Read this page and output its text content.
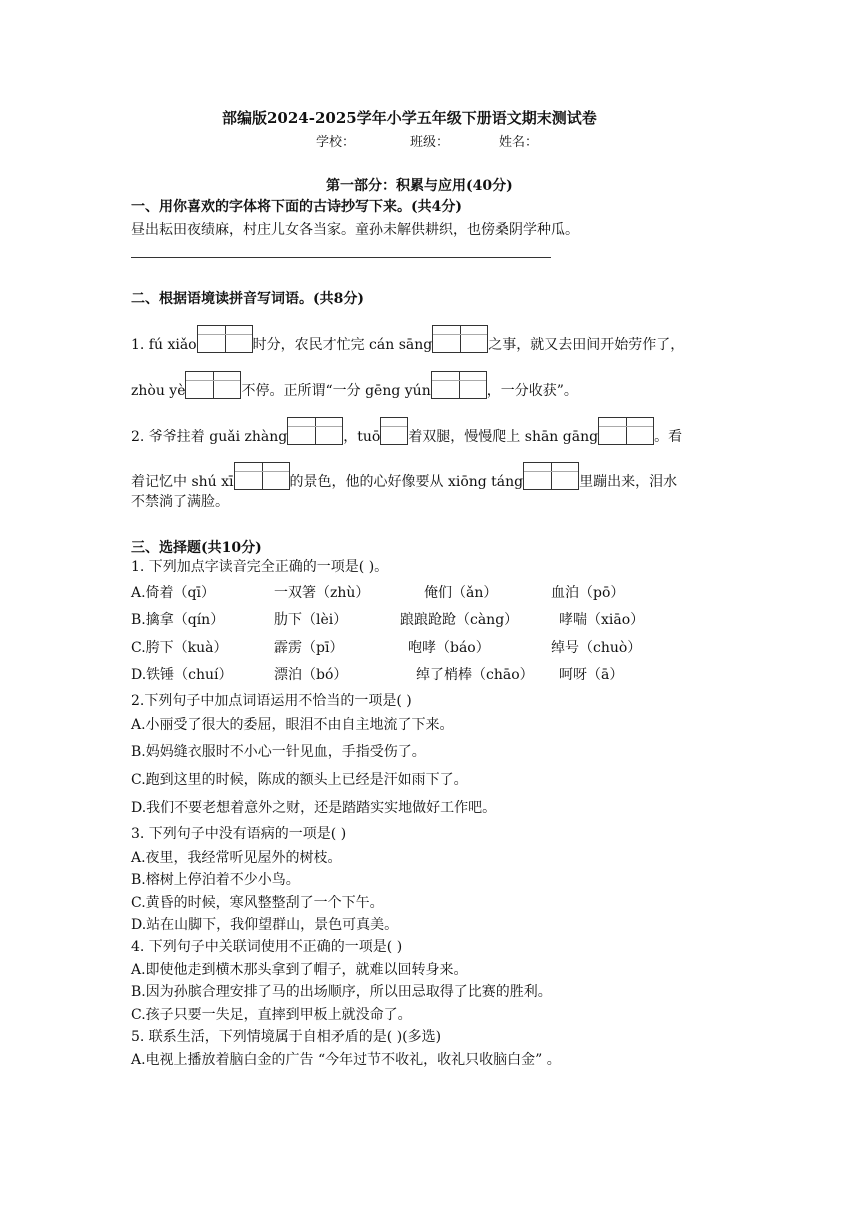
部编版2024-2025学年小学五年级下册语文期末测试卷
学校：	班级：	姓名：
第一部分：积累与应用(40分)
一、用你喜欢的字体将下面的古诗抄写下来。(共4分)
昼出耘田夜绩麻，村庄儿女各当家。童孙未解供耕织，也傍桑阴学种瓜。
二、根据语境读拼音写词语。(共8分)
1. fú xiǎo	时分，农民才忙完 cán sāng	之事，就又去田间开始劳作了，
zhòu yè	不停。正所谓“一分 gēng yún	，一分收获”。
2. 爷爷拄着 guǎi zhàng	，tuō 着双腿，慢慢爬上 shān gāng	。看
着记忆中 shú xī	的景色，他的心好像要从 xiōng táng	里蹦出来，泪水
不禁淌了满脸。
三、选择题(共10分)
1. 下列加点字读音完全正确的一项是( )。
A.倚着（qī）	一双箸（zhù）	俺们（ǎn）	血泊（pō）
B.擒拿（qín）	肋下（lèi）	踉踉跄跄（càng）	哮喘（xiāo）
C.胯下（kuà）	霹雳（pī）	咆哮（báo）	绰号（chuò）
D.铁锤（chuí）	漂泊（bó）	绰了梢棒（chāo） 呵呀（ā）
2.下列句子中加点词语运用不恰当的一项是( )
A.小丽受了很大的委屈，眼泪不由自主地流了下来。
B.妈妈缝衣服时不小心一针见血，手指受伤了。
C.跑到这里的时候，陈成的额头上已经是汗如雨下了。
D.我们不要老想着意外之财，还是踏踏实实地做好工作吧。
3. 下列句子中没有语病的一项是( )
A.夜里，我经常听见屋外的树枝。
B.榕树上停泊着不少小鸟。
C.黄昏的时候，寒风整整刮了一个下午。
D.站在山脚下，我仰望群山，景色可真美。
4. 下列句子中关联词使用不正确的一项是( )
A.即使他走到横木那头拿到了帽子，就难以回转身来。
B.因为孙膑合理安排了马的出场顺序，所以田忌取得了比赛的胜利。
C.孩子只要一失足，直摔到甲板上就没命了。
5. 联系生活，下列情境属于自相矛盾的是( )(多选)
A.电视上播放着脑白金的广告 “今年过节不收礼，收礼只收脑白金” 。
